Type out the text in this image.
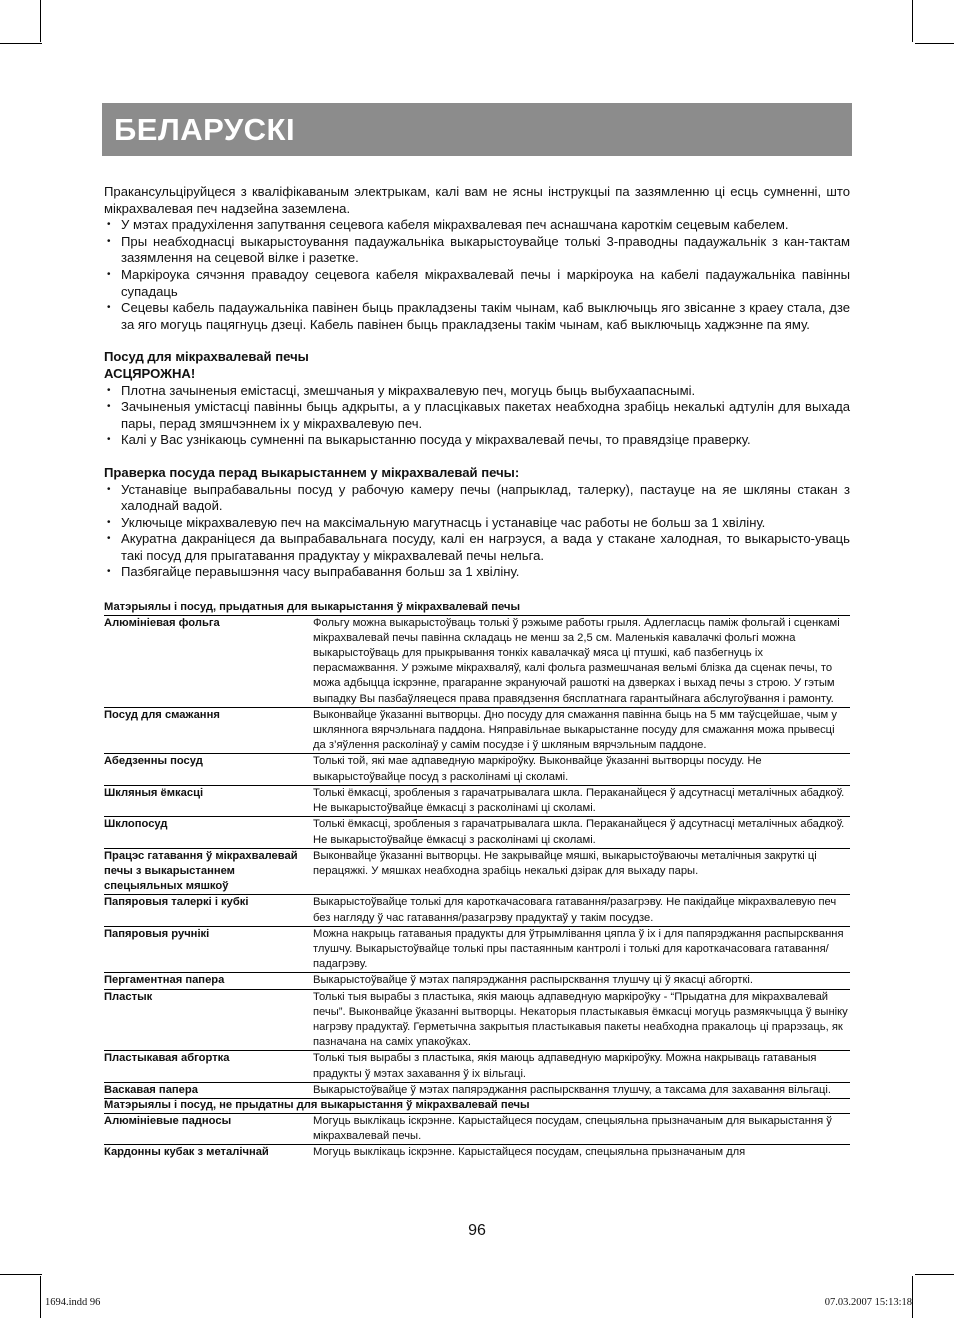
БЕЛАРУСКІ

Пракансульціруйцеся з кваліфікаваным электрыкам, калі вам не ясны інструкцыі па зазямленню ці есць сумненні, што мікрахвалевая печ надзейна заземлена.

• У мэтах прадухілення запутвання сецевога кабеля мікрахвалевая печ аснашчана кароткім сецевым кабелем.
• Пры неабходнасці выкарыстоування падаужальніка выкарыстоувайце толькі 3-праводны падаужальнік з кан-тактам зазямлення на сецевой вілке і разетке.
• Маркіроука сячэння правадоу сецевога кабеля мікрахвалевай печы і маркіроука на кабелі падаужальніка павінны супадаць
• Сецевы кабель падаужальніка павінен быць пракладзены такім чынам, каб выключыць яго звісанне з краеу стала, дзе за яго могуць пацягнуць дзеці. Кабель павінен быць пракладзены такім чынам, каб выключыць хаджэнне па яму.

Посуд для мікрахвалевай печы

АСЦЯРОЖНА!

• Плотна зачыненыя емістасці, змешчаныя у мікрахвалевую печ, могуць быць выбухаапаснымі.
• Зачыненыя умістасці павінны быць адкрыты, а у пласцікавых пакетах неабходна зрабіць некалькі адтулін для выхада пары, перад змяшчэннем іх у мікрахвалевую печ.
• Калі у Вас узнікаюць сумненні па выкарыстанню посуда у мікрахвалевай печы, то правядзіце праверку.

Праверка посуда перад выкарыстаннем у мікрахвалевай печы:

• Устанавіце выпрабавальны посуд у рабочую камеру печы (напрыклад, талерку), пастауце на яе шкляны стакан з халоднай вадой.
• Уключыце мікрахвалевую печ на максімальную магутнасць і устанавіце час работы не больш за 1 хвіліну.
• Акуратна дакраніцеся да выпрабавальнага посуду, калі ен нагрэуся, а вада у стакане халодная, то выкарысто-уваць такі посуд для прыгатавання прадуктау у мікрахвалевай печы нельга.
• Пазбягайце перавышэння часу выпрабавання больш за 1 хвіліну.
Матэрыялы і посуд, прыдатныя для выкарыстання ў мікрахвалевай печы
Алюмініевая фольга	Фольгу можна выкарыстоўваць толькі ў рэжыме работы грыля. Адлегласць паміж фольгай і сценкамі мікрахвалевай печы павінна складаць не менш за 2,5 см. Маленькія кавалачкі фольгі можна выкарыстоўваць для прыкрывання тонкіх кавалачкаў мяса ці птушкі, каб пазбегнуць іх перасмажвання. У рэжыме мікрахваляў, калі фольга размешчаная вельмі блізка да сценак печы, то можа адбыцца іскрэнне, прагаранне экрануючай рашоткі на дзверках і выхад печы з строю. У гэтым выпадку Вы пазбаўляецеся права правядзення бясплатнага гарантыйнага абслугоўвання і рамонту.
Посуд для смажання	Выконвайце ўказанні вытворцы. Дно посуду для смажання павінна быць на 5 мм таўсцейшае, чым у шкляннога вярчэльнага паддона. Няправільнае выкарыстанне посуду для смажання можа прывесці да з’яўлення расколінаў у самім посудзе і ў шкляным вярчэльным паддоне.
Абедзенны посуд	Толькі той, які мае адпаведную маркіроўку. Выконвайце ўказанні вытворцы посуду. Не выкарыстоўвайце посуд з расколінамі ці сколамі.
Шкляныя ёмкасці	Толькі ёмкасці, зробленыя з гарачатрывалага шкла. Пераканайцеся ў адсутнасці металічных абадкоў. Не выкарыстоўвайце ёмкасці з расколінамі ці сколамі.
Шклопосуд	Толькі ёмкасці, зробленыя з гарачатрывалага шкла. Пераканайцеся ў адсутнасці металічных абадкоў. Не выкарыстоўвайце ёмкасці з расколінамі ці сколамі.
Працэс гатавання ў мікрахвалевай печы з выкарыстаннем спецыяльных мяшкоў	Выконвайце ўказанні вытворцы. Не закрывайце мяшкі, выкарыстоўваючы металічныя закруткі ці перацяжкі. У мяшках неабходна зрабіць некалькі дзірак для выхаду пары.
Папяровыя талеркі і кубкі	Выкарыстоўвайце толькі для кароткачасовага гатавання/разагрэву. Не пакідайце мікрахвалевую печ без нагляду ў час гатавання/разагрэву прадуктаў у такім посудзе.
Папяровыя ручнікі	Можна накрыць гатаваныя прадукты для ўтрымлівання цяпла ў іх і для папярэджання распырсквання тлушчу. Выкарыстоўвайце толькі пры пастаянным кантролі і толькі для кароткачасовага гатавання/падагрэву.
Пергаментная папера	Выкарыстоўвайце ў мэтах папярэджання распырсквання тлушчу ці ў якасці абгорткі.
Пластык	Толькі тыя вырабы з пластыка, якія маюць адпаведную маркіроўку - “Прыдатна для мікрахвалевай печы”. Выконвайце ўказанні вытворцы. Некаторыя пластыкавыя ёмкасці могуць размякчыцца ў выніку нагрэву прадуктаў. Герметычна закрытыя пластыкавыя пакеты неабходна пракалоць ці прарэзаць, як пазначана на саміх упакоўках.
Пластыкавая абгортка	Толькі тыя вырабы з пластыка, якія маюць адпаведную маркіроўку. Можна накрываць гатаваныя прадукты ў мэтах захавання ў іх вільгаці.
Васкавая папера	Выкарыстоўвайце ў мэтах папярэджання распырсквання тлушчу, а таксама для захавання вільгаці.
Матэрыялы і посуд, не прыдатны для выкарыстання ў мікрахвалевай печы
Алюмініевые падносы	Могуць выклікаць іскрэнне. Карыстайцеся посудам, спецыяльна прызначаным для выкарыстання ў мікрахвалевай печы.
Кардонны кубак з металічнай	Могуць выклікаць іскрэнне. Карыстайцеся посудам, спецыяльна прызначаным для
96
1694.indd 96	07.03.2007 15:13:18
